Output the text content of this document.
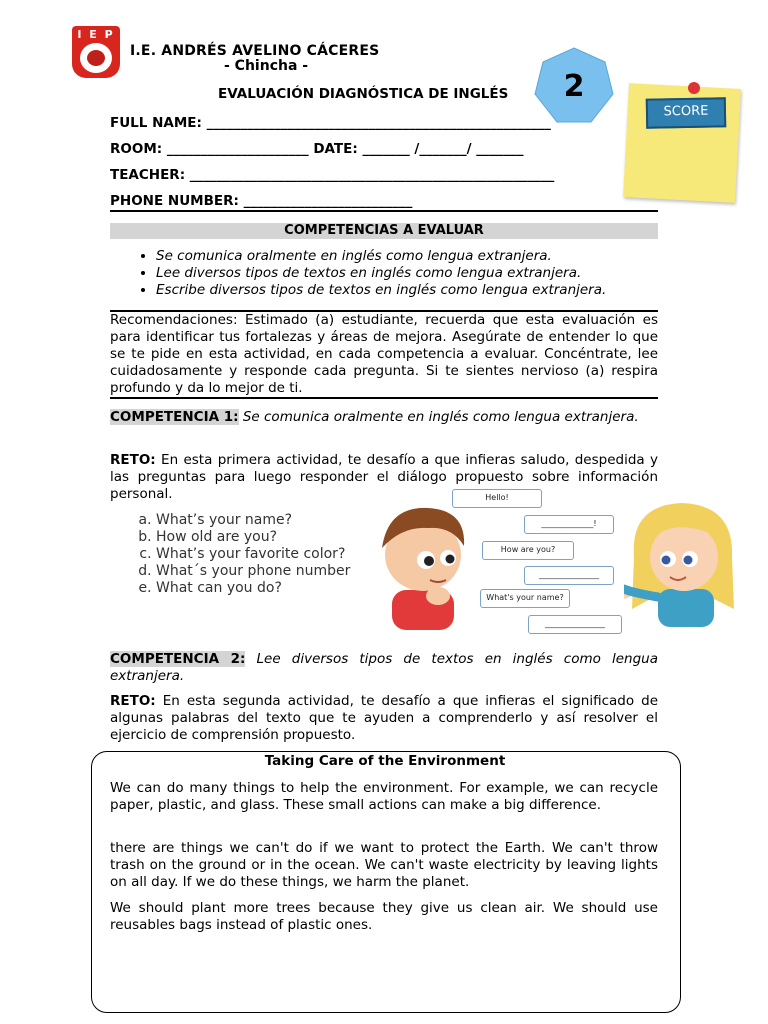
I E P
I.E. ANDRÉS AVELINO CÁCERES
- Chincha -
EVALUACIÓN DIAGNÓSTICA DE INGLÉS 2
SCORE
FULL NAME: ___________________________________________________
ROOM: _____________________ DATE: _______ /_______/ _______
TEACHER: ______________________________________________________
PHONE NUMBER: _________________________
COMPETENCIAS A EVALUAR
• Se comunica oralmente en inglés como lengua extranjera.
• Lee diversos tipos de textos en inglés como lengua extranjera.
• Escribe diversos tipos de textos en inglés como lengua extranjera.
Recomendaciones: Estimado (a) estudiante, recuerda que esta evaluación es para identificar tus fortalezas y áreas de mejora. Asegúrate de entender lo que se te pide en esta actividad, en cada competencia a evaluar. Concéntrate, lee cuidadosamente y responde cada pregunta. Si te sientes nervioso (a) respira profundo y da lo mejor de ti.
COMPETENCIA 1: Se comunica oralmente en inglés como lengua extranjera.
RETO: En esta primera actividad, te desafío a que infieras saludo, despedida y las preguntas para luego responder el diálogo propuesto sobre información personal.
a. What’s your name?
b. How old are you?
c. What’s your favorite color?
d. What´s your phone number
e. What can you do?
Hello!
_____________!
How are you?
_______________
What's your name?
_______________
COMPETENCIA 2: Lee diversos tipos de textos en inglés como lengua extranjera.
RETO: En esta segunda actividad, te desafío a que infieras el significado de algunas palabras del texto que te ayuden a comprenderlo y así resolver el ejercicio de comprensión propuesto.
Taking Care of the Environment
We can do many things to help the environment. For example, we can recycle paper, plastic, and glass. These small actions can make a big difference.
there are things we can't do if we want to protect the Earth. We can't throw trash on the ground or in the ocean. We can't waste electricity by leaving lights on all day. If we do these things, we harm the planet.
We should plant more trees because they give us clean air. We should use reusables bags instead of plastic ones.
